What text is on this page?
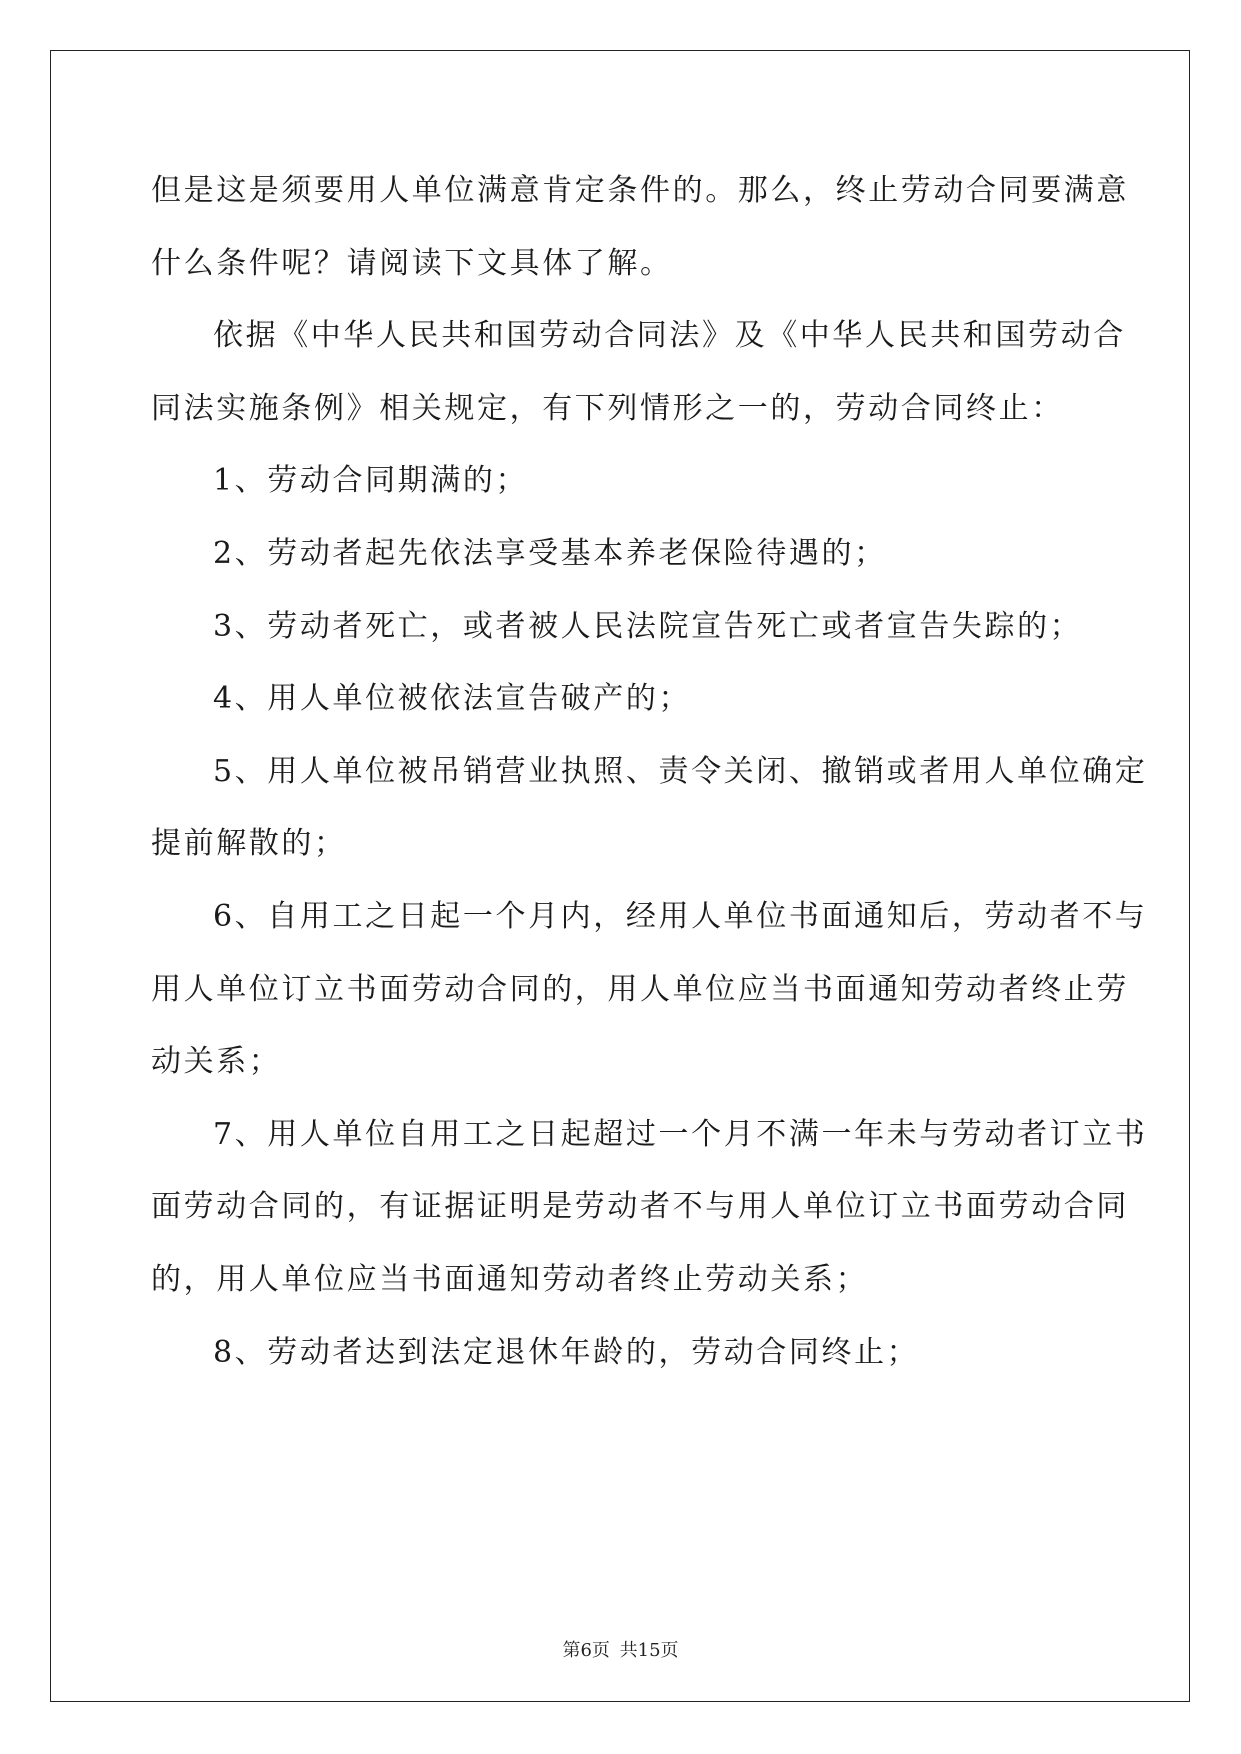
但是这是须要用人单位满意肯定条件的。那么，终止劳动合同要满意
什么条件呢？请阅读下文具体了解。
依据《中华人民共和国劳动合同法》及《中华人民共和国劳动合
同法实施条例》相关规定，有下列情形之一的，劳动合同终止：
1、劳动合同期满的；
2、劳动者起先依法享受基本养老保险待遇的；
3、劳动者死亡，或者被人民法院宣告死亡或者宣告失踪的；
4、用人单位被依法宣告破产的；
5、用人单位被吊销营业执照、责令关闭、撤销或者用人单位确定
提前解散的；
6、自用工之日起一个月内，经用人单位书面通知后，劳动者不与
用人单位订立书面劳动合同的，用人单位应当书面通知劳动者终止劳
动关系；
7、用人单位自用工之日起超过一个月不满一年未与劳动者订立书
面劳动合同的，有证据证明是劳动者不与用人单位订立书面劳动合同
的，用人单位应当书面通知劳动者终止劳动关系；
8、劳动者达到法定退休年龄的，劳动合同终止；
第6页 共15页
